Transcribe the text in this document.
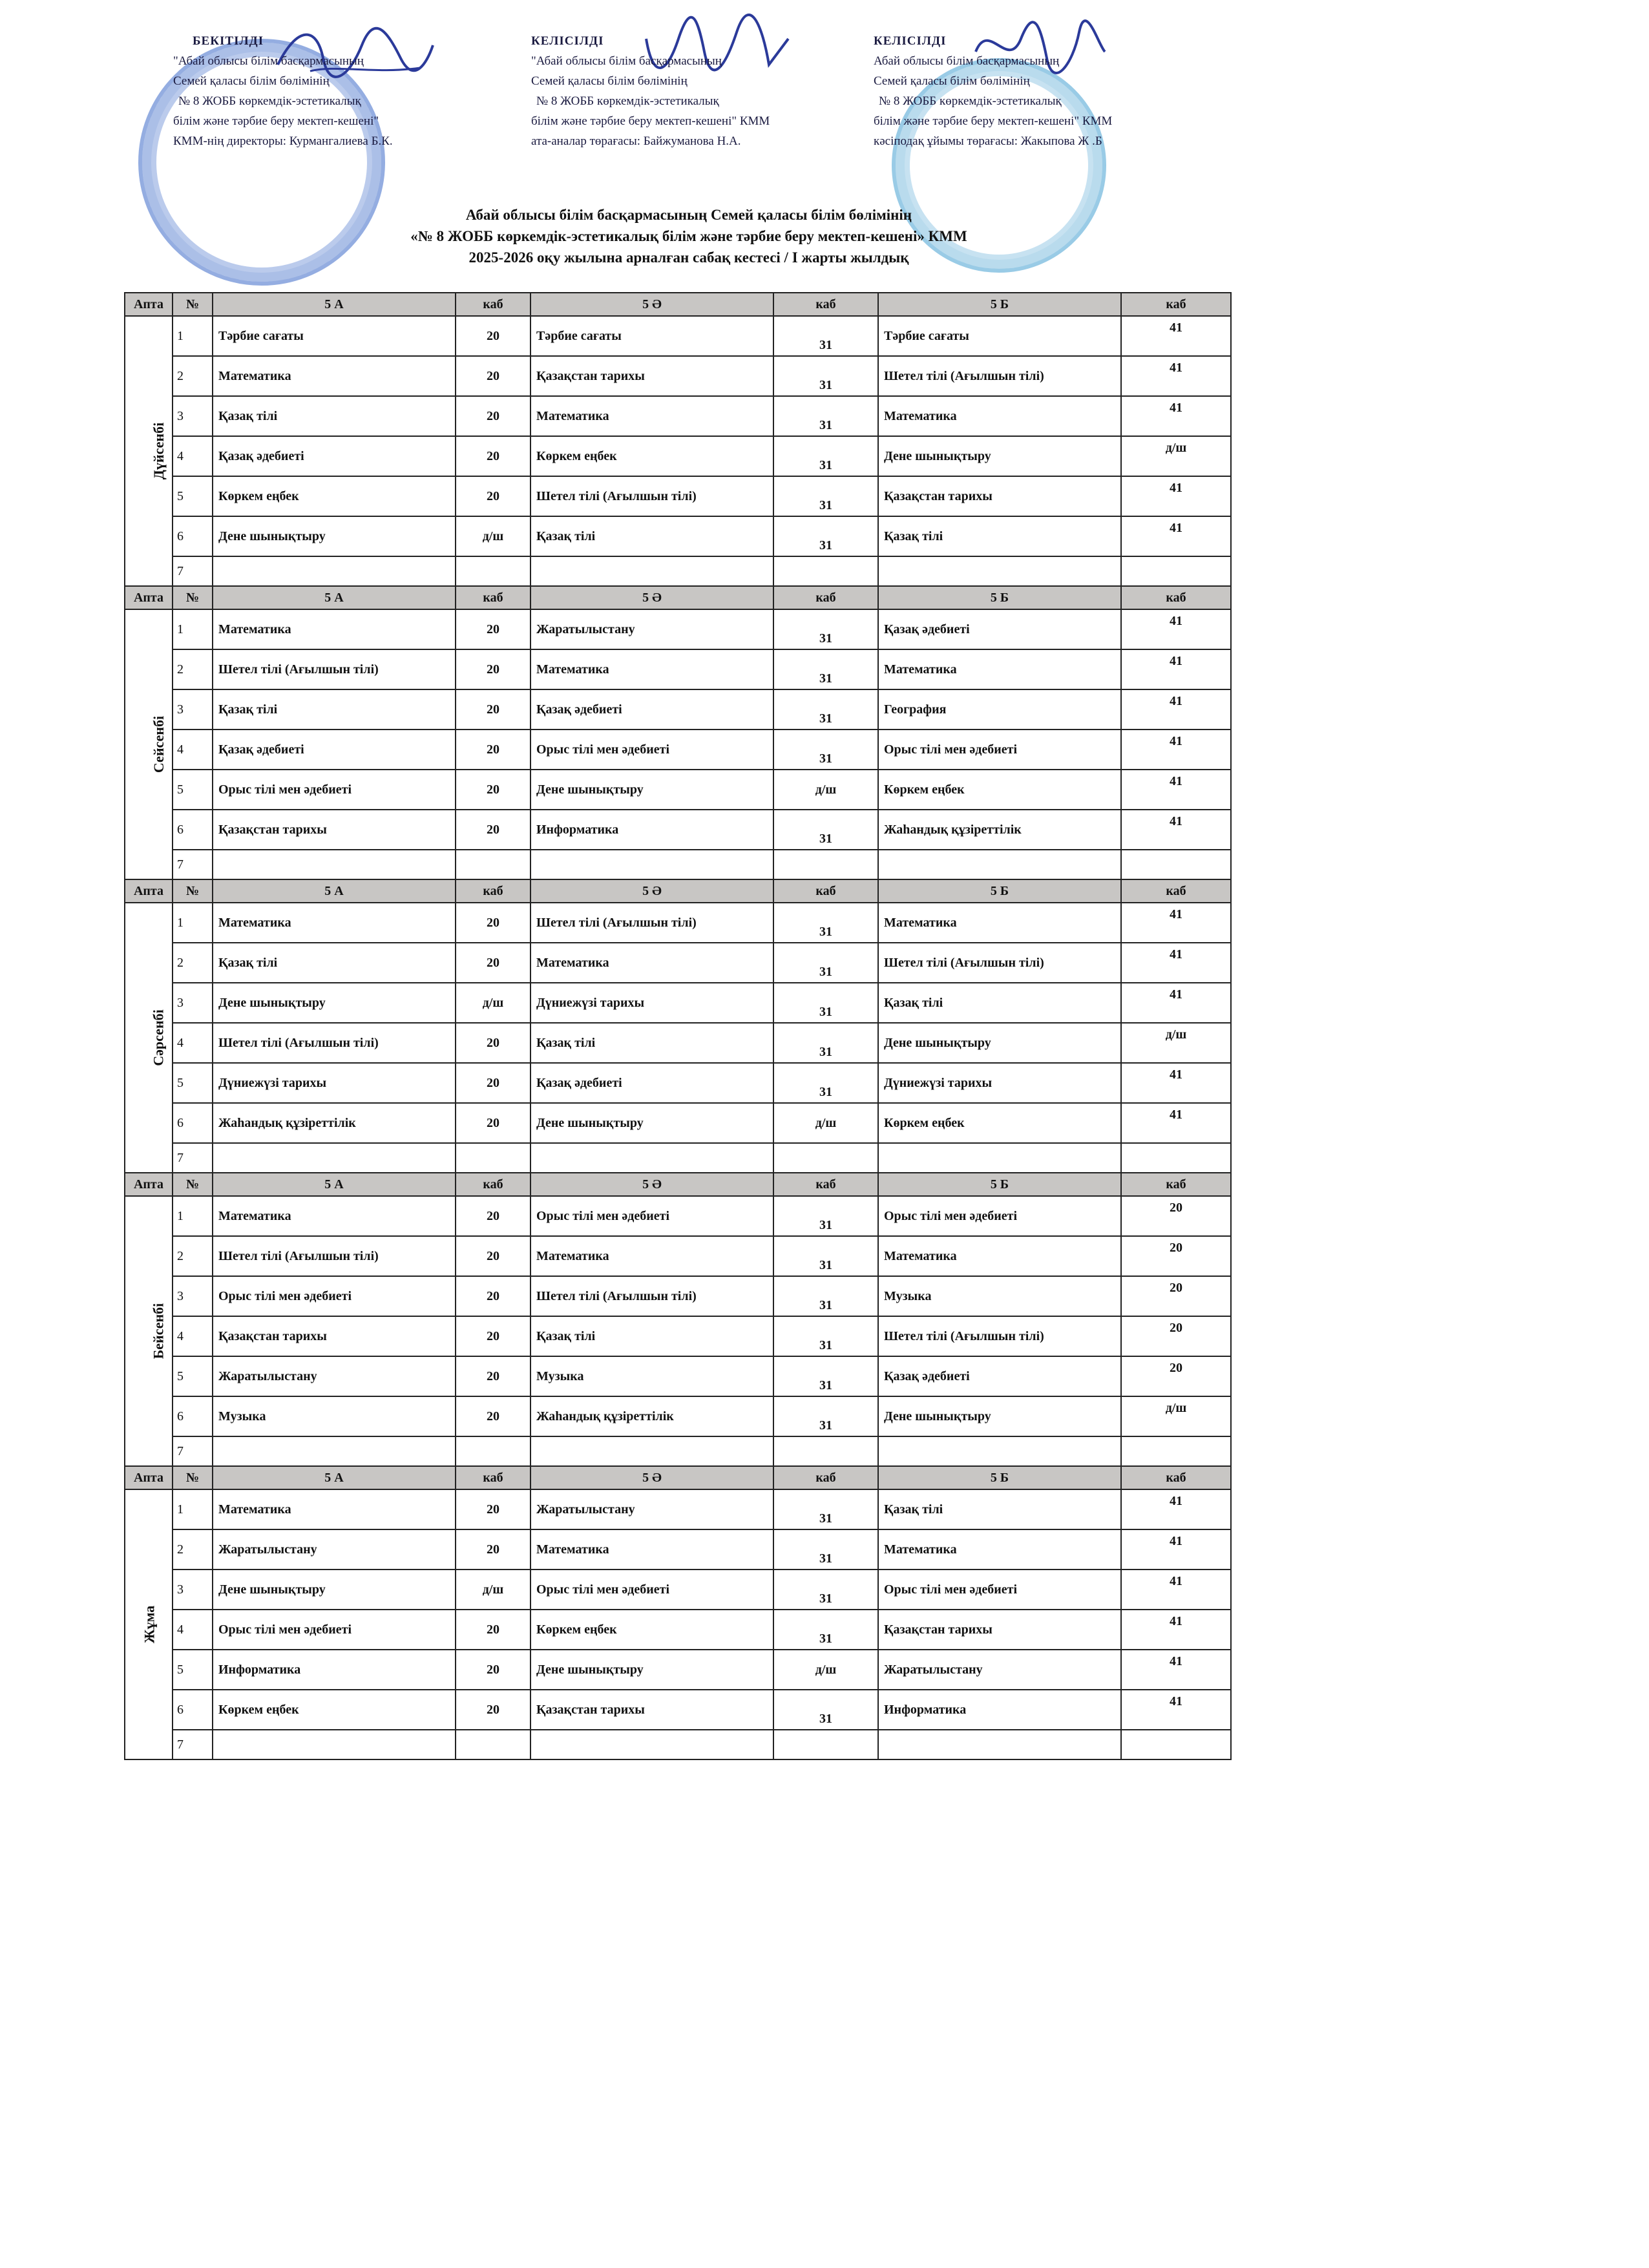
БЕКІТІЛДІ
"Абай облысы білім басқармасының
Семей қаласы білім бөлімінің
№ 8 ЖОББ көркемдік-эстетикалық
білім және тәрбие беру мектеп-кешені"
КММ-нің директоры: Курмангалиева Б.К.
КЕЛІСІЛДІ
"Абай облысы білім басқармасының
Семей қаласы білім бөлімінің
№ 8 ЖОББ көркемдік-эстетикалық
білім және тәрбие беру мектеп-кешені" КММ
ата-аналар төрағасы: Байжуманова Н.А.
КЕЛІСІЛДІ
Абай облысы білім басқармасының
Семей қаласы білім бөлімінің
№ 8 ЖОББ көркемдік-эстетикалық
білім және тәрбие беру мектеп-кешені" КММ
кәсіподақ ұйымы төрағасы: Жакыпова Ж .Б
Абай облысы білім басқармасының Семей қаласы білім бөлімінің
«№ 8 ЖОББ көркемдік-эстетикалық білім және тәрбие беру мектеп-кешені» КММ
2025-2026 оқу жылына арналған сабақ кестесі / І жарты жылдық
Апта	№	5 А	каб	5 Ә	каб	5 Б	каб
Дүйсенбі	1	Тәрбие сағаты	20	Тәрбие сағаты	31	Тәрбие сағаты	41
	2	Математика	20	Қазақстан тарихы	31	Шетел тілі (Ағылшын тілі)	41
	3	Қазақ тілі	20	Математика	31	Математика	41
	4	Қазақ әдебиеті	20	Көркем еңбек	31	Дене шынықтыру	д/ш
	5	Көркем еңбек	20	Шетел тілі (Ағылшын тілі)	31	Қазақстан тарихы	41
	6	Дене шынықтыру	д/ш	Қазақ тілі	31	Қазақ тілі	41
	7						
Апта	№	5 А	каб	5 Ә	каб	5 Б	каб
Сейсенбі	1	Математика	20	Жаратылыстану	31	Қазақ әдебиеті	41
	2	Шетел тілі (Ағылшын тілі)	20	Математика	31	Математика	41
	3	Қазақ тілі	20	Қазақ әдебиеті	31	География	41
	4	Қазақ әдебиеті	20	Орыс тілі мен әдебиеті	31	Орыс тілі мен әдебиеті	41
	5	Орыс тілі мен әдебиеті	20	Дене шынықтыру	д/ш	Көркем еңбек	41
	6	Қазақстан тарихы	20	Информатика	31	Жаһандық құзіреттілік	41
	7						
Апта	№	5 А	каб	5 Ә	каб	5 Б	каб
Сәрсенбі	1	Математика	20	Шетел тілі (Ағылшын тілі)	31	Математика	41
	2	Қазақ тілі	20	Математика	31	Шетел тілі (Ағылшын тілі)	41
	3	Дене шынықтыру	д/ш	Дүниежүзі тарихы	31	Қазақ тілі	41
	4	Шетел тілі (Ағылшын тілі)	20	Қазақ тілі	31	Дене шынықтыру	д/ш
	5	Дүниежүзі тарихы	20	Қазақ әдебиеті	31	Дүниежүзі тарихы	41
	6	Жаһандық құзіреттілік	20	Дене шынықтыру	д/ш	Көркем еңбек	41
	7						
Апта	№	5 А	каб	5 Ә	каб	5 Б	каб
Бейсенбі	1	Математика	20	Орыс тілі мен әдебиеті	31	Орыс тілі мен әдебиеті	20
	2	Шетел тілі (Ағылшын тілі)	20	Математика	31	Математика	20
	3	Орыс тілі мен әдебиеті	20	Шетел тілі (Ағылшын тілі)	31	Музыка	20
	4	Қазақстан тарихы	20	Қазақ тілі	31	Шетел тілі (Ағылшын тілі)	20
	5	Жаратылыстану	20	Музыка	31	Қазақ әдебиеті	20
	6	Музыка	20	Жаһандық құзіреттілік	31	Дене шынықтыру	д/ш
	7						
Апта	№	5 А	каб	5 Ә	каб	5 Б	каб
Жұма	1	Математика	20	Жаратылыстану	31	Қазақ тілі	41
	2	Жаратылыстану	20	Математика	31	Математика	41
	3	Дене шынықтыру	д/ш	Орыс тілі мен әдебиеті	31	Орыс тілі мен әдебиеті	41
	4	Орыс тілі мен әдебиеті	20	Көркем еңбек	31	Қазақстан тарихы	41
	5	Информатика	20	Дене шынықтыру	д/ш	Жаратылыстану	41
	6	Көркем еңбек	20	Қазақстан тарихы	31	Информатика	41
	7						
